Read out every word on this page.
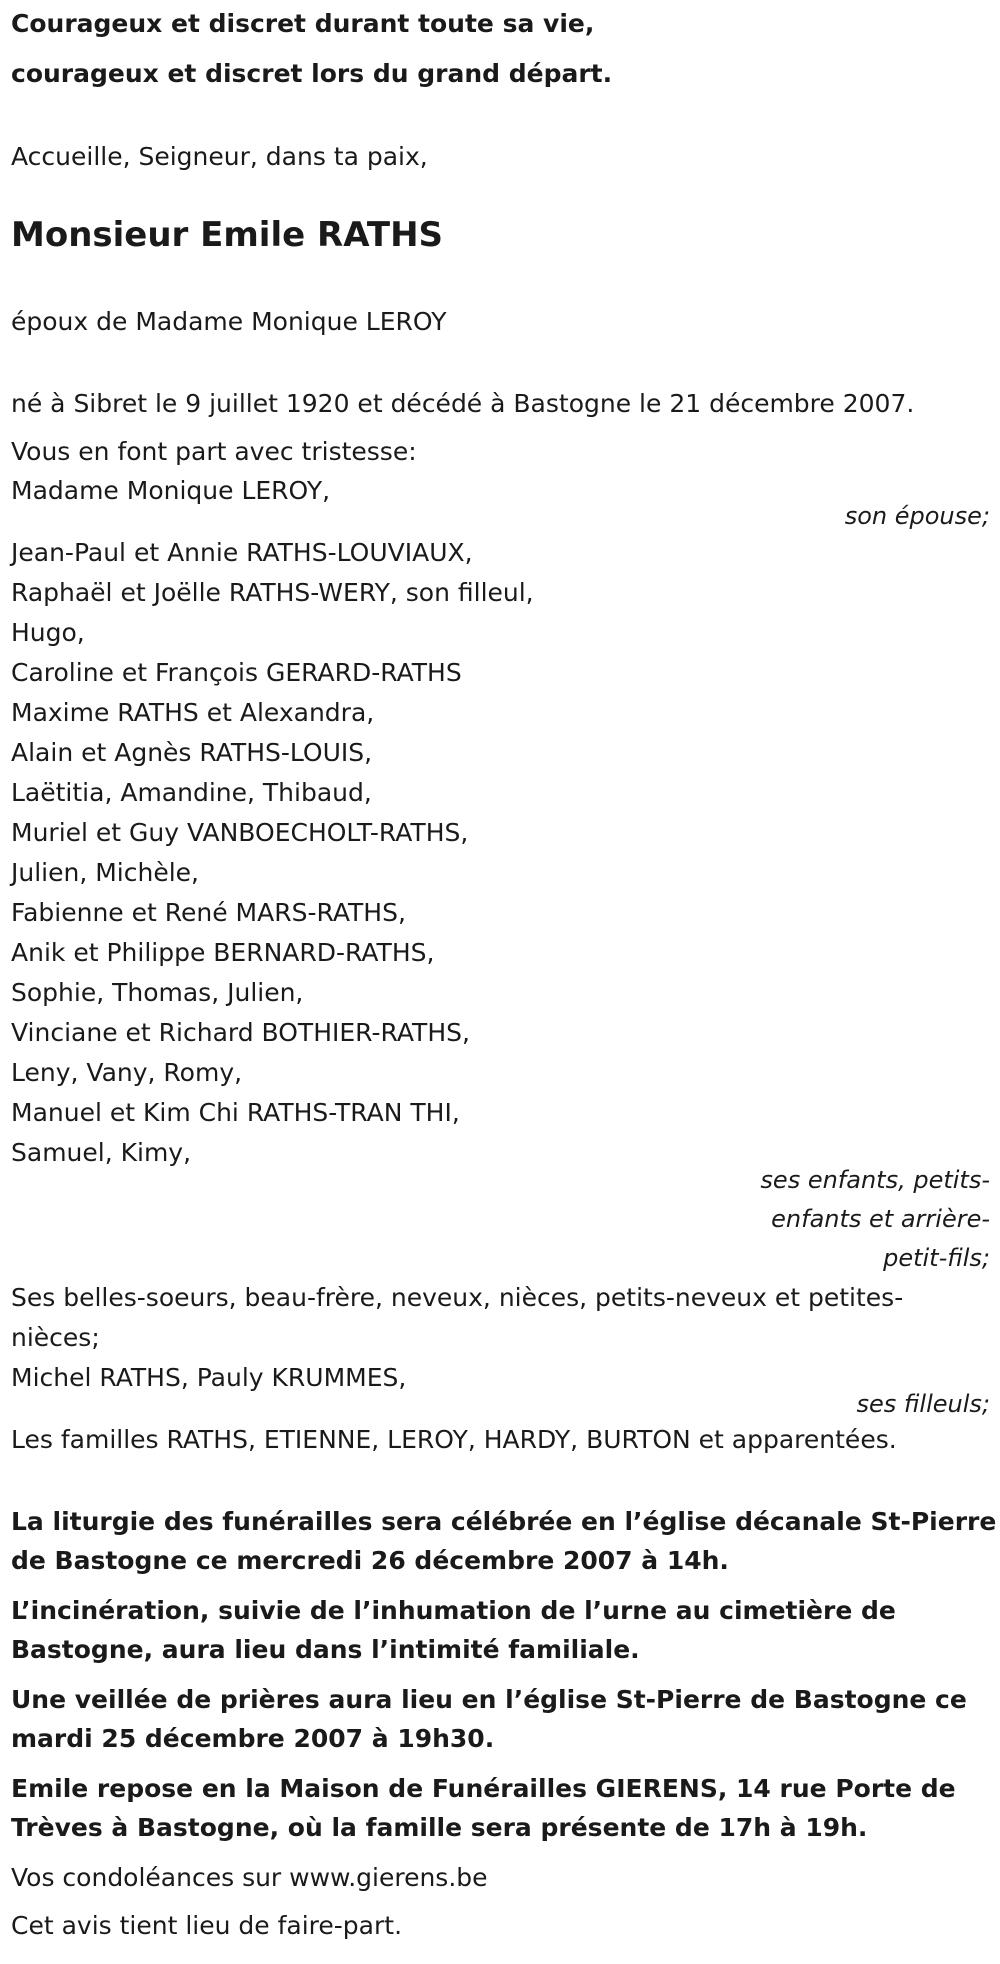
Courageux et discret durant toute sa vie,
courageux et discret lors du grand départ.
Accueille, Seigneur, dans ta paix,
Monsieur Emile RATHS
époux de Madame Monique LEROY
né à Sibret le 9 juillet 1920 et décédé à Bastogne le 21 décembre 2007.
Vous en font part avec tristesse:
Madame Monique LEROY,
son épouse;
Jean-Paul et Annie RATHS-LOUVIAUX,
Raphaël et Joëlle RATHS-WERY, son filleul,
Hugo,
Caroline et François GERARD-RATHS
Maxime RATHS et Alexandra,
Alain et Agnès RATHS-LOUIS,
Laëtitia, Amandine, Thibaud,
Muriel et Guy VANBOECHOLT-RATHS,
Julien, Michèle,
Fabienne et René MARS-RATHS,
Anik et Philippe BERNARD-RATHS,
Sophie, Thomas, Julien,
Vinciane et Richard BOTHIER-RATHS,
Leny, Vany, Romy,
Manuel et Kim Chi RATHS-TRAN THI,
Samuel, Kimy,
ses enfants, petits-
enfants et arrière-
petit-fils;
Ses belles-soeurs, beau-frère, neveux, nièces, petits-neveux et petites-
nièces;
Michel RATHS, Pauly KRUMMES,
ses filleuls;
Les familles RATHS, ETIENNE, LEROY, HARDY, BURTON et apparentées.
La liturgie des funérailles sera célébrée en l’église décanale St-Pierre
de Bastogne ce mercredi 26 décembre 2007 à 14h.
L’incinération, suivie de l’inhumation de l’urne au cimetière de
Bastogne, aura lieu dans l’intimité familiale.
Une veillée de prières aura lieu en l’église St-Pierre de Bastogne ce
mardi 25 décembre 2007 à 19h30.
Emile repose en la Maison de Funérailles GIERENS, 14 rue Porte de
Trèves à Bastogne, où la famille sera présente de 17h à 19h.
Vos condoléances sur www.gierens.be
Cet avis tient lieu de faire-part.
